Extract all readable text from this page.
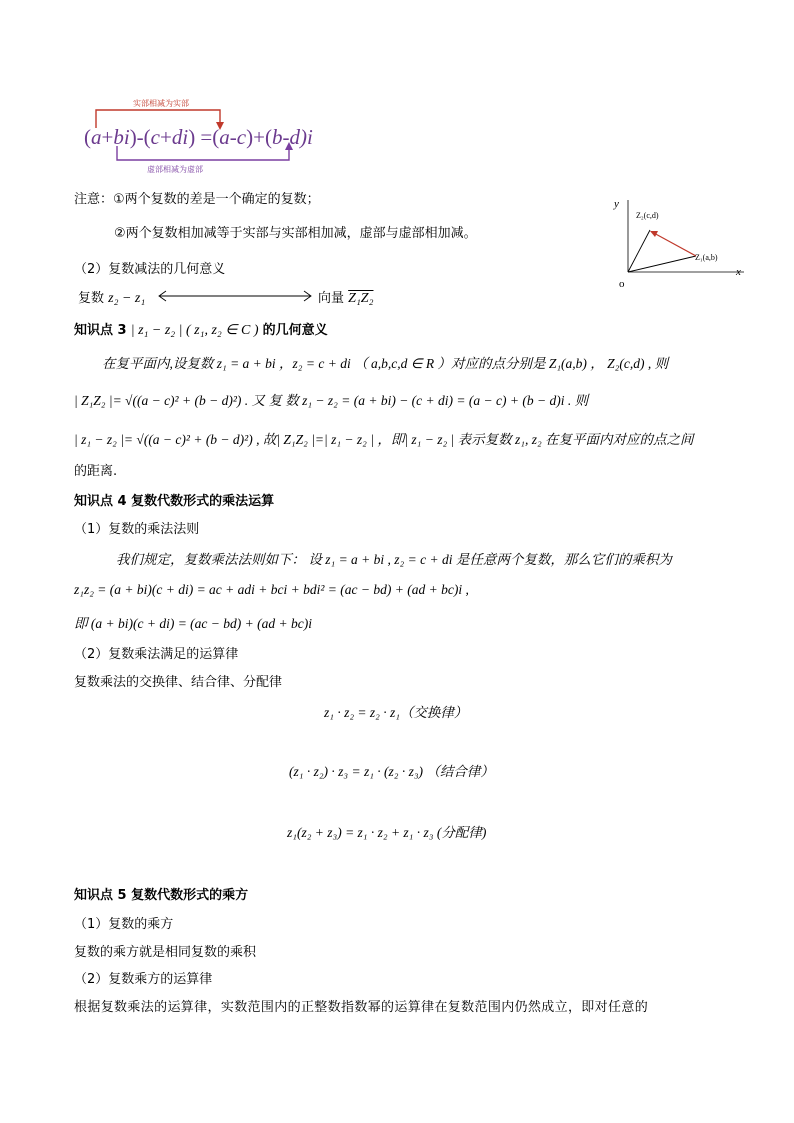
实部相减为实部
虚部相减为虚部
(a+bi)-(c+di) =(a-c)+(b-d)i
注意：①两个复数的差是一个确定的复数；
②两个复数相加减等于实部与实部相加减，虚部与虚部相加减。
y
x
o
Z₂(c,d)
Z₁(a,b)
（2）复数减法的几何意义
复数 z₂ − z₁	向量 Z₁Z₂
知识点 3 | z₁ − z₂ | ( z₁, z₂ ∈ C ) 的几何意义
在复平面内,设复数 z₁ = a + bi ，z₂ = c + di （ a,b,c,d ∈ R ）对应的点分别是 Z₁(a,b) ， Z₂(c,d) , 则
| Z₁Z₂ |= √((a − c)² + (b − d)²) . 又 复 数 z₁ − z₂ = (a + bi) − (c + di) = (a − c) + (b − d)i . 则
| z₁ − z₂ |= √((a − c)² + (b − d)²) , 故| Z₁Z₂ |=| z₁ − z₂ | ，即| z₁ − z₂ | 表示复数 z₁, z₂ 在复平面内对应的点之间
的距离.
知识点 4 复数代数形式的乘法运算
（1）复数的乘法法则
我们规定，复数乘法法则如下： 设 z₁ = a + bi , z₂ = c + di 是任意两个复数，那么它们的乘积为
z₁z₂ = (a + bi)(c + di) = ac + adi + bci + bdi² = (ac − bd) + (ad + bc)i ,
即 (a + bi)(c + di) = (ac − bd) + (ad + bc)i
（2）复数乘法满足的运算律
复数乘法的交换律、结合律、分配律
z₁ · z₂ = z₂ · z₁（交换律）
(z₁ · z₂) · z₃ = z₁ · (z₂ · z₃) （结合律）
z₁(z₂ + z₃) = z₁ · z₂ + z₁ · z₃ (分配律)
知识点 5 复数代数形式的乘方
（1）复数的乘方
复数的乘方就是相同复数的乘积
（2）复数乘方的运算律
根据复数乘法的运算律，实数范围内的正整数指数幂的运算律在复数范围内仍然成立，即对任意的
